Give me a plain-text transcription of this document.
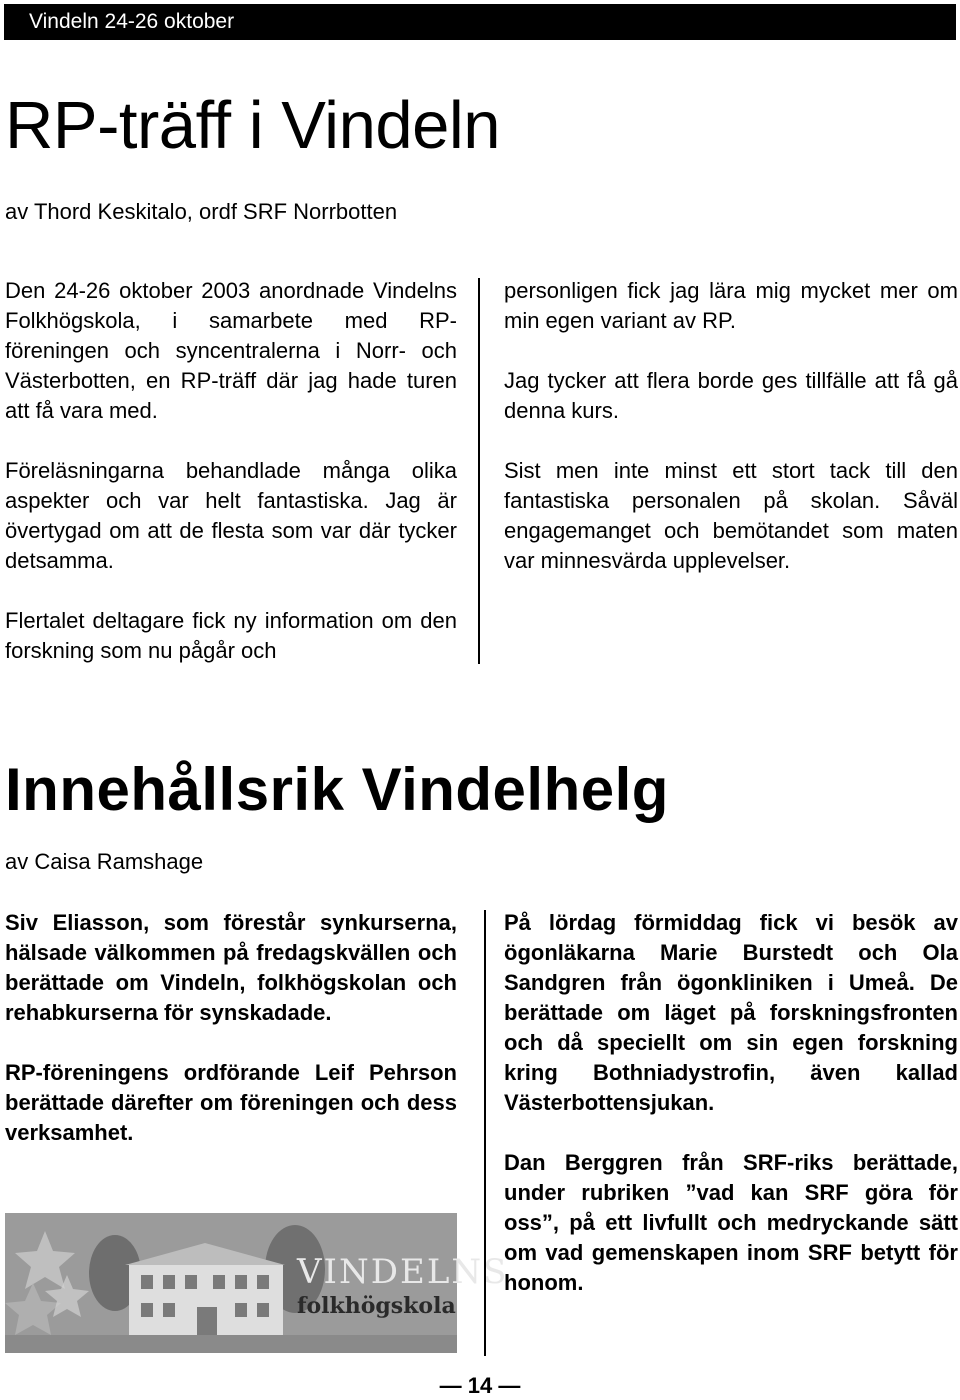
Vindeln 24-26 oktober
RP-träff i Vindeln
av Thord Keskitalo, ordf SRF Norrbotten

Den 24-26 oktober 2003 anordnade Vindelns Folkhögskola, i samarbete med RP-föreningen och syncentralerna i Norr- och Västerbotten, en RP-träff där jag hade turen att få vara med.

Föreläsningarna behandlade många olika aspekter och var helt fantastiska. Jag är övertygad om att de flesta som var där tycker detsamma.

Flertalet deltagare fick ny information om den forskning som nu pågår och

personligen fick jag lära mig mycket mer om min egen variant av RP.

Jag tycker att flera borde ges tillfälle att få gå denna kurs.

Sist men inte minst ett stort tack till den fantastiska personalen på skolan. Såväl engagemanget och bemötandet som maten var minnesvärda upplevelser.

Innehållsrik Vindelhelg
av Caisa Ramshage

Siv Eliasson, som förestår synkurserna, hälsade välkommen på fredagskvällen och berättade om Vindeln, folkhögskolan och rehabkurserna för synskadade.

RP-föreningens ordförande Leif Pehrson berättade därefter om föreningen och dess verksamhet.

På lördag förmiddag fick vi besök av ögonläkarna Marie Burstedt och Ola Sandgren från ögonkliniken i Umeå. De berättade om läget på forskningsfronten och då speciellt om sin egen forskning kring Bothniadystrofin, även kallad Västerbottensjukan.

Dan Berggren från SRF-riks berättade, under rubriken ”vad kan SRF göra för oss”, på ett livfullt och medryckande sätt om vad gemenskapen inom SRF betytt för honom.

VINDELNS
folkhögskola
— 14 —
